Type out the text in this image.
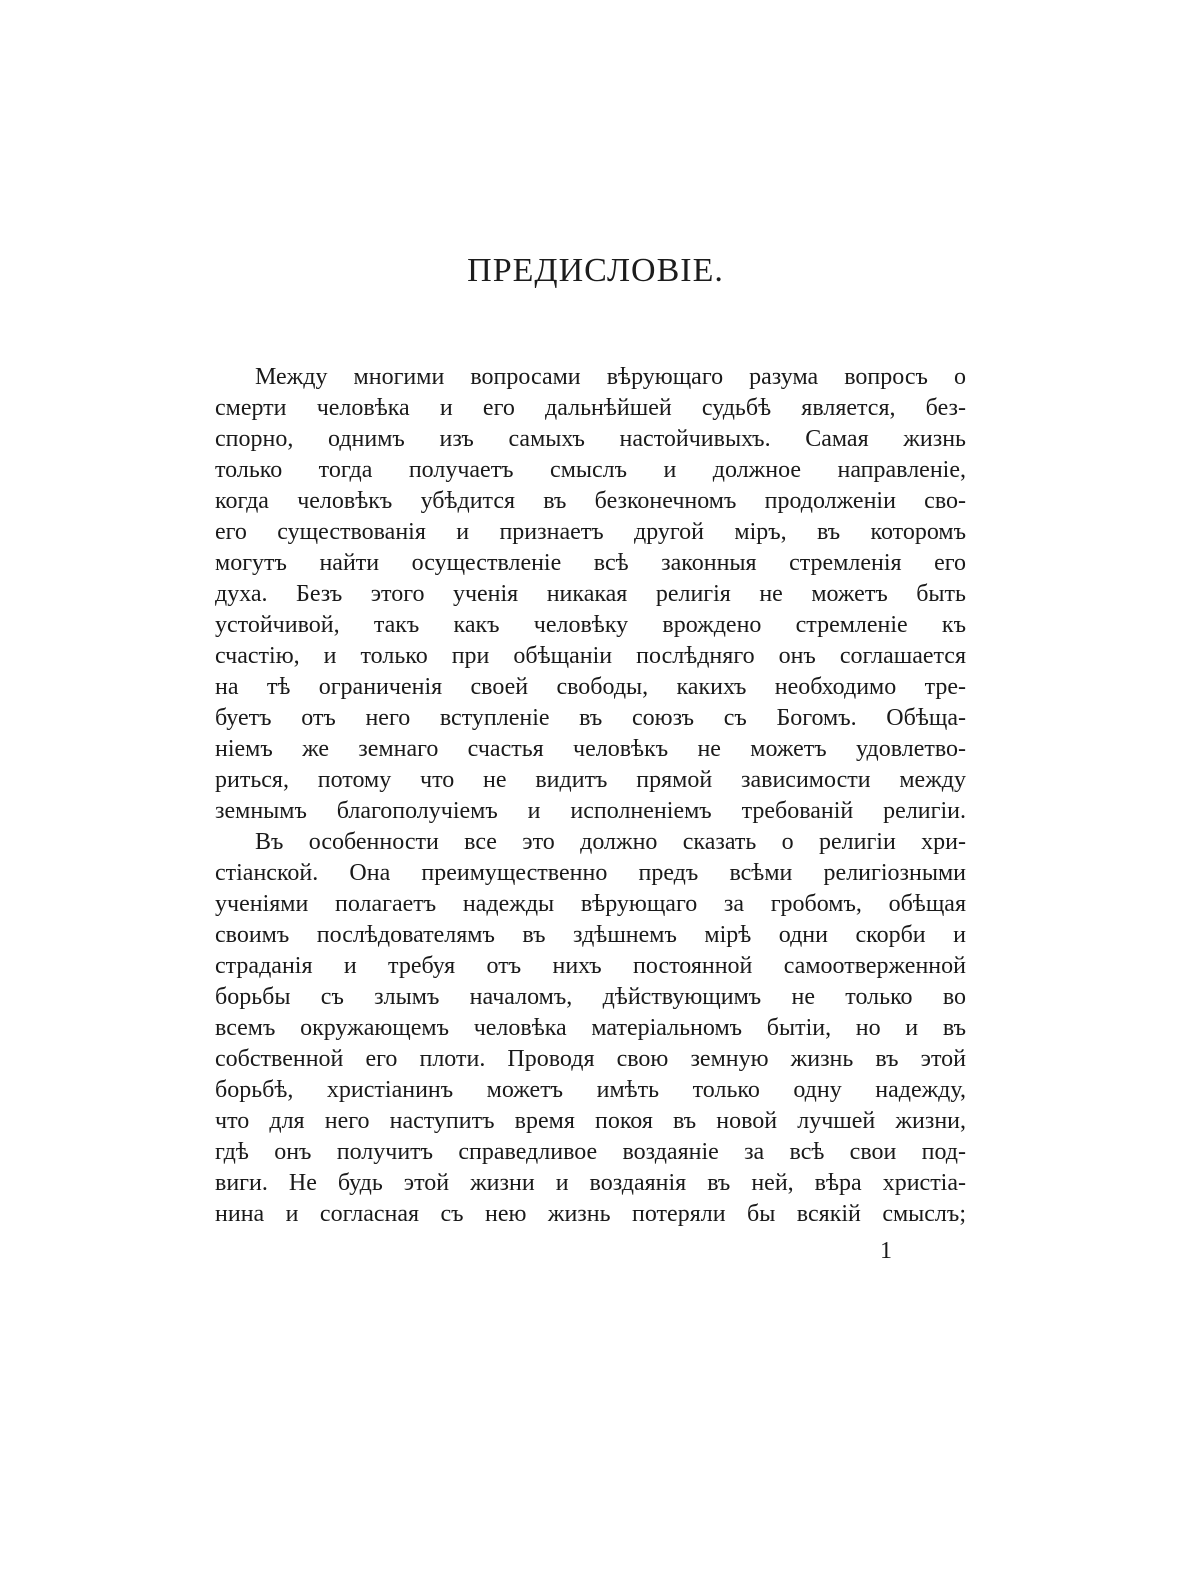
ПРЕДИСЛОВІЕ.
Между многими вопросами вѣрующаго разума вопросъ о
смерти человѣка и его дальнѣйшей судьбѣ является, без-
спорно, однимъ изъ самыхъ настойчивыхъ. Самая жизнь
только тогда получаетъ смыслъ и должное направленіе,
когда человѣкъ убѣдится въ безконечномъ продолженіи сво-
его существованія и признаетъ другой міръ, въ которомъ
могутъ найти осуществленіе всѣ законныя стремленія его
духа. Безъ этого ученія никакая религія не можетъ быть
устойчивой, такъ какъ человѣку врождено стремленіе къ
счастію, и только при обѣщаніи послѣдняго онъ соглашается
на тѣ ограниченія своей свободы, какихъ необходимо тре-
буетъ отъ него вступленіе въ союзъ съ Богомъ. Обѣща-
ніемъ же земнаго счастья человѣкъ не можетъ удовлетво-
риться, потому что не видитъ прямой зависимости между
земнымъ благополучіемъ и исполненіемъ требованій религіи.
Въ особенности все это должно сказать о религіи хри-
стіанской. Она преимущественно предъ всѣми религіозными
ученіями полагаетъ надежды вѣрующаго за гробомъ, обѣщая
своимъ послѣдователямъ въ здѣшнемъ мірѣ одни скорби и
страданія и требуя отъ нихъ постоянной самоотверженной
борьбы съ злымъ началомъ, дѣйствующимъ не только во
всемъ окружающемъ человѣка матеріальномъ бытіи, но и въ
собственной его плоти. Проводя свою земную жизнь въ этой
борьбѣ, христіанинъ можетъ имѣть только одну надежду,
что для него наступитъ время покоя въ новой лучшей жизни,
гдѣ онъ получитъ справедливое воздаяніе за всѣ свои под-
виги. Не будь этой жизни и воздаянія въ ней, вѣра христіа-
нина и согласная съ нею жизнь потеряли бы всякій смыслъ;
1
